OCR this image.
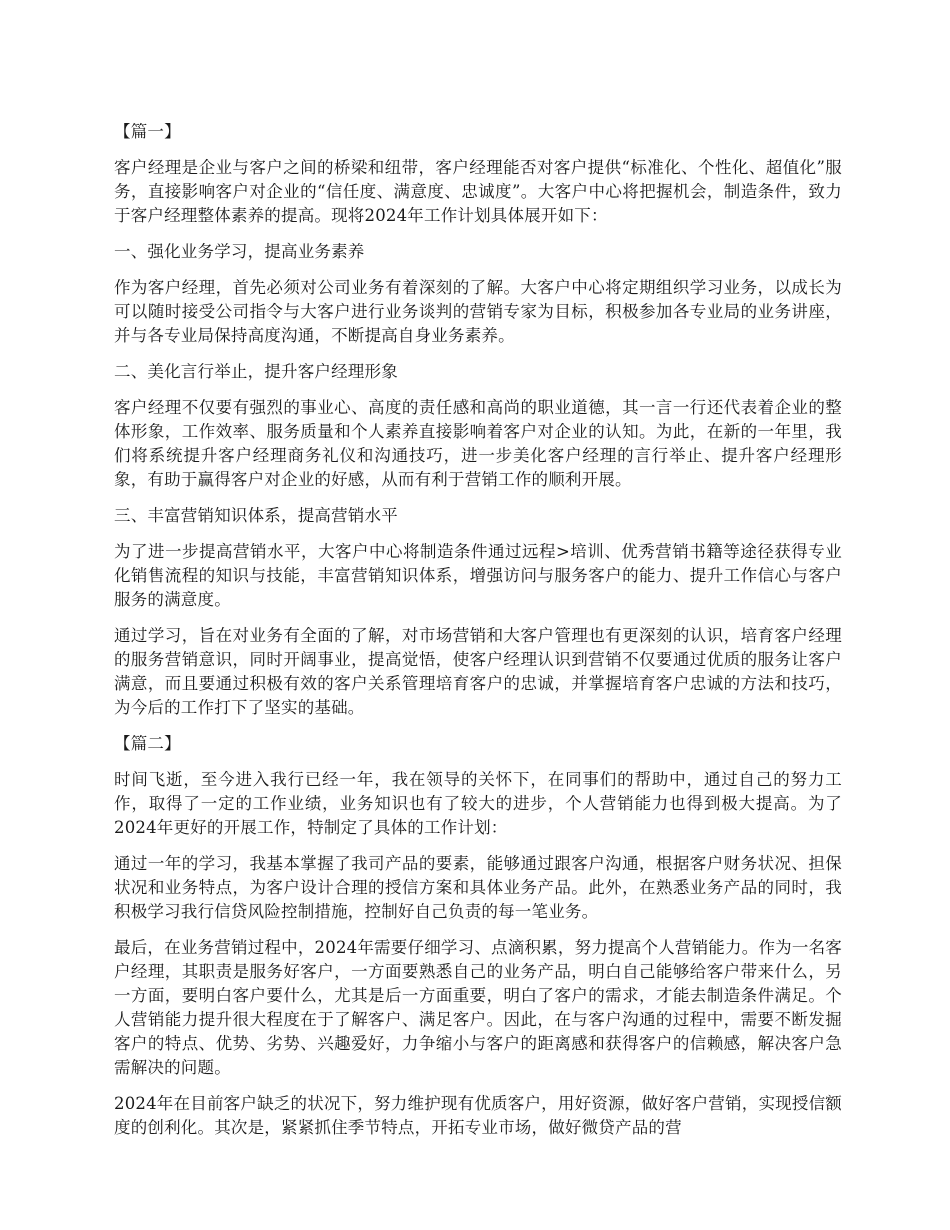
【篇一】

客户经理是企业与客户之间的桥梁和纽带，客户经理能否对客户提供“标准化、个性化、超值化”服务，直接影响客户对企业的“信任度、满意度、忠诚度”。大客户中心将把握机会，制造条件，致力于客户经理整体素养的提高。现将2024年工作计划具体展开如下：

一、强化业务学习，提高业务素养

作为客户经理，首先必须对公司业务有着深刻的了解。大客户中心将定期组织学习业务，以成长为可以随时接受公司指令与大客户进行业务谈判的营销专家为目标，积极参加各专业局的业务讲座，并与各专业局保持高度沟通，不断提高自身业务素养。

二、美化言行举止，提升客户经理形象

客户经理不仅要有强烈的事业心、高度的责任感和高尚的职业道德，其一言一行还代表着企业的整体形象，工作效率、服务质量和个人素养直接影响着客户对企业的认知。为此，在新的一年里，我们将系统提升客户经理商务礼仪和沟通技巧，进一步美化客户经理的言行举止、提升客户经理形象，有助于赢得客户对企业的好感，从而有利于营销工作的顺利开展。

三、丰富营销知识体系，提高营销水平

为了进一步提高营销水平，大客户中心将制造条件通过远程>培训、优秀营销书籍等途径获得专业化销售流程的知识与技能，丰富营销知识体系，增强访问与服务客户的能力、提升工作信心与客户服务的满意度。

通过学习，旨在对业务有全面的了解，对市场营销和大客户管理也有更深刻的认识，培育客户经理的服务营销意识，同时开阔事业，提高觉悟，使客户经理认识到营销不仅要通过优质的服务让客户满意，而且要通过积极有效的客户关系管理培育客户的忠诚，并掌握培育客户忠诚的方法和技巧，为今后的工作打下了坚实的基础。

【篇二】

时间飞逝，至今进入我行已经一年，我在领导的关怀下，在同事们的帮助中，通过自己的努力工作，取得了一定的工作业绩，业务知识也有了较大的进步，个人营销能力也得到极大提高。为了2024年更好的开展工作，特制定了具体的工作计划：

通过一年的学习，我基本掌握了我司产品的要素，能够通过跟客户沟通，根据客户财务状况、担保状况和业务特点，为客户设计合理的授信方案和具体业务产品。此外，在熟悉业务产品的同时，我积极学习我行信贷风险控制措施，控制好自己负责的每一笔业务。

最后，在业务营销过程中，2024年需要仔细学习、点滴积累，努力提高个人营销能力。作为一名客户经理，其职责是服务好客户，一方面要熟悉自己的业务产品，明白自己能够给客户带来什么，另一方面，要明白客户要什么，尤其是后一方面重要，明白了客户的需求，才能去制造条件满足。个人营销能力提升很大程度在于了解客户、满足客户。因此，在与客户沟通的过程中，需要不断发掘客户的特点、优势、劣势、兴趣爱好，力争缩小与客户的距离感和获得客户的信赖感，解决客户急需解决的问题。

2024年在目前客户缺乏的状况下，努力维护现有优质客户，用好资源，做好客户营销，实现授信额度的创利化。其次是，紧紧抓住季节特点，开拓专业市场，做好微贷产品的营
